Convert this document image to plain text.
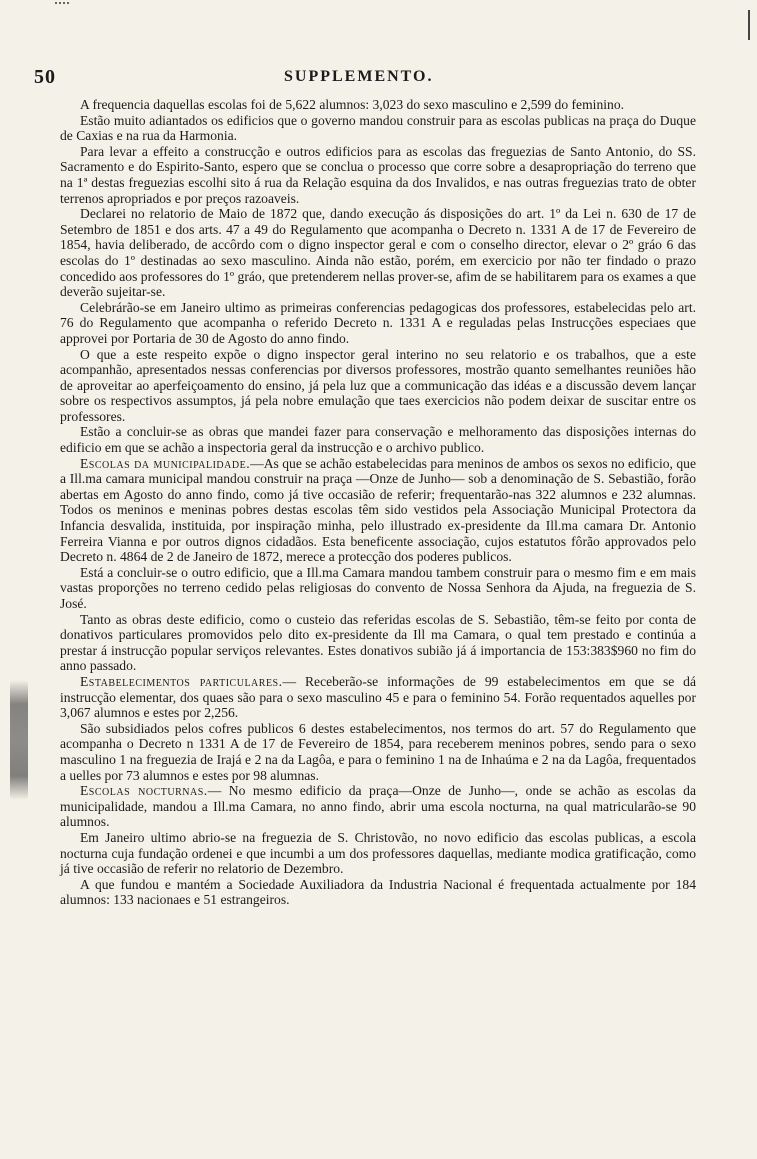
50	SUPPLEMENTO.

A frequencia daquellas escolas foi de 5,622 alumnos: 3,023 do sexo masculino e 2,599 do feminino.

Estão muito adiantados os edificios que o governo mandou construir para as escolas publicas na praça do Duque de Caxias e na rua da Harmonia.

Para levar a effeito a construcção e outros edificios para as escolas das freguezias de Santo Antonio, do SS. Sacramento e do Espirito-Santo, espero que se conclua o processo que corre sobre a desapropriação do terreno que na 1ª destas freguezias escolhi sito á rua da Relação esquina da dos Invalidos, e nas outras freguezias trato de obter terrenos apropriados e por preços razoaveis.

Declarei no relatorio de Maio de 1872 que, dando execução ás disposições do art. 1º da Lei n. 630 de 17 de Setembro de 1851 e dos arts. 47 a 49 do Regulamento que acompanha o Decreto n. 1331 A de 17 de Fevereiro de 1854, havia deliberado, de accôrdo com o digno inspector geral e com o conselho director, elevar o 2º gráo 6 das escolas do 1º destinadas ao sexo masculino. Ainda não estão, porém, em exercicio por não ter findado o prazo concedido aos professores do 1º gráo, que pretenderem nellas prover-se, afim de se habilitarem para os exames a que deverão sujeitar-se.

Celebrárão-se em Janeiro ultimo as primeiras conferencias pedagogicas dos professores, estabelecidas pelo art. 76 do Regulamento que acompanha o referido Decreto n. 1331 A e reguladas pelas Instrucções especiaes que approvei por Portaria de 30 de Agosto do anno findo.

O que a este respeito expõe o digno inspector geral interino no seu relatorio e os trabalhos, que a este acompanhão, apresentados nessas conferencias por diversos professores, mostrão quanto semelhantes reuniões hão de aproveitar ao aperfeiçoamento do ensino, já pela luz que a communicação das idéas e a discussão devem lançar sobre os respectivos assumptos, já pela nobre emulação que taes exercicios não podem deixar de suscitar entre os professores.

Estão a concluir-se as obras que mandei fazer para conservação e melhoramento das disposições internas do edificio em que se achão a inspectoria geral da instrucção e o archivo publico.

Escolas da municipalidade.—As que se achão estabelecidas para meninos de ambos os sexos no edificio, que a Ill.ma camara municipal mandou construir na praça —Onze de Junho— sob a denominação de S. Sebastião, forão abertas em Agosto do anno findo, como já tive occasião de referir; frequentarão-nas 322 alumnos e 232 alumnas. Todos os meninos e meninas pobres destas escolas têm sido vestidos pela Associação Municipal Protectora da Infancia desvalida, instituida, por inspiração minha, pelo illustrado ex-presidente da Ill.ma camara Dr. Antonio Ferreira Vianna e por outros dignos cidadãos. Esta beneficente associação, cujos estatutos fôrão approvados pelo Decreto n. 4864 de 2 de Janeiro de 1872, merece a protecção dos poderes publicos.

Está a concluir-se o outro edificio, que a Ill.ma Camara mandou tambem construir para o mesmo fim e em mais vastas proporções no terreno cedido pelas religiosas do convento de Nossa Senhora da Ajuda, na freguezia de S. José.

Tanto as obras deste edificio, como o custeio das referidas escolas de S. Sebastião, têm-se feito por conta de donativos particulares promovidos pelo dito ex-presidente da Ill ma Camara, o qual tem prestado e continúa a prestar á instrucção popular serviços relevantes. Estes donativos subião já á importancia de 153:383$960 no fim do anno passado.

Estabelecimentos particulares.— Receberão-se informações de 99 estabelecimentos em que se dá instrucção elementar, dos quaes são para o sexo masculino 45 e para o feminino 54. Forão requentados aquelles por 3,067 alumnos e estes por 2,256.

São subsidiados pelos cofres publicos 6 destes estabelecimentos, nos termos do art. 57 do Regulamento que acompanha o Decreto n 1331 A de 17 de Fevereiro de 1854, para receberem meninos pobres, sendo para o sexo masculino 1 na freguezia de Irajá e 2 na da Lagôa, e para o feminino 1 na de Inhaúma e 2 na da Lagôa, frequentados a uelles por 73 alumnos e estes por 98 alumnas.

Escolas nocturnas.— No mesmo edificio da praça—Onze de Junho—, onde se achão as escolas da municipalidade, mandou a Ill.ma Camara, no anno findo, abrir uma escola nocturna, na qual matricularão-se 90 alumnos.

Em Janeiro ultimo abrio-se na freguezia de S. Christovão, no novo edificio das escolas publicas, a escola nocturna cuja fundação ordenei e que incumbi a um dos professores daquellas, mediante modica gratificação, como já tive occasião de referir no relatorio de Dezembro.

A que fundou e mantém a Sociedade Auxiliadora da Industria Nacional é frequentada actualmente por 184 alumnos: 133 nacionaes e 51 estrangeiros.
